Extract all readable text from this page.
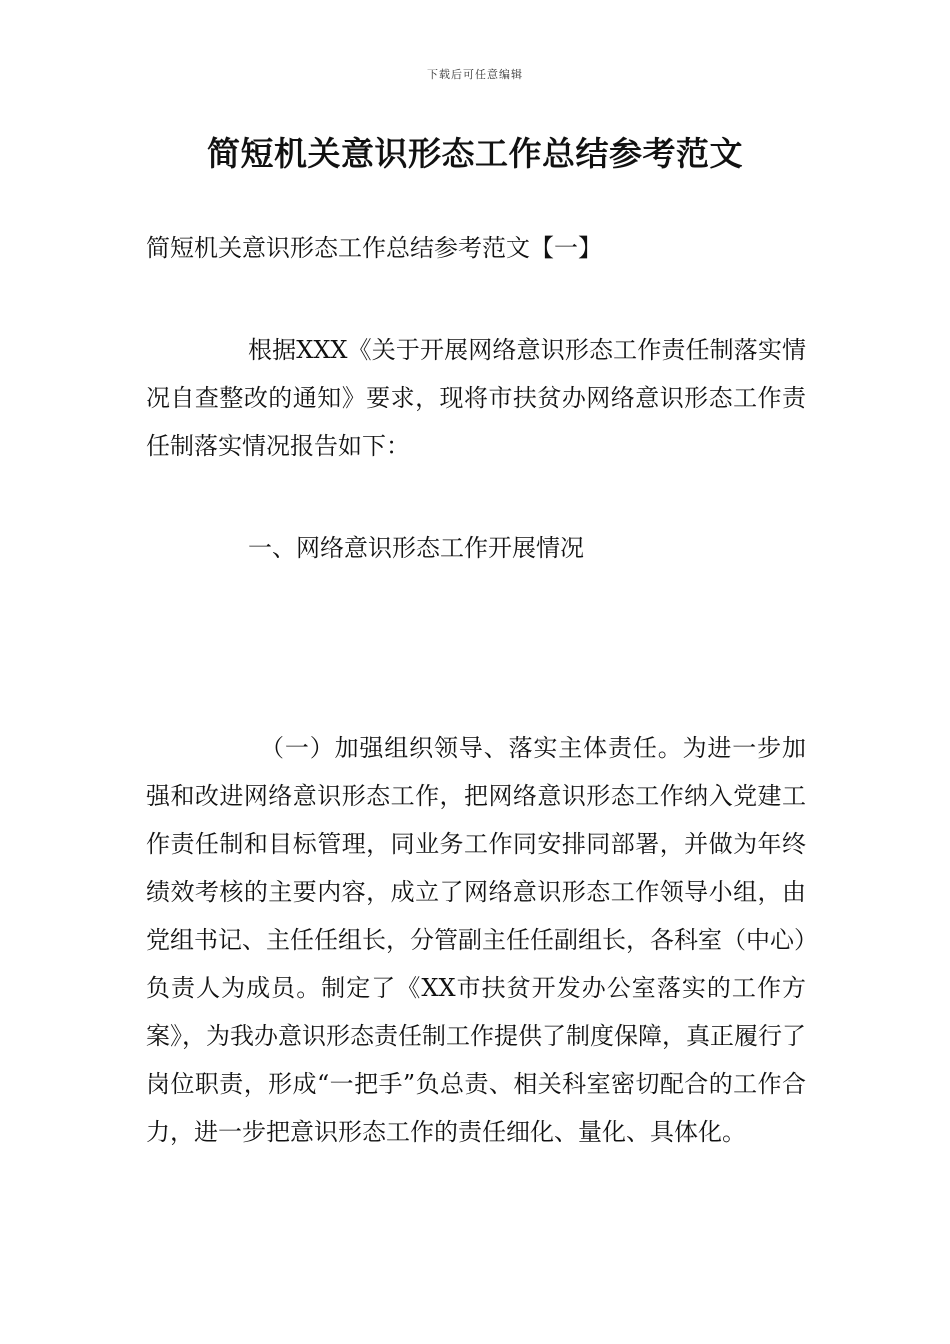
下载后可任意编辑
简短机关意识形态工作总结参考范文

简短机关意识形态工作总结参考范文【一】

根据XXX《关于开展网络意识形态工作责任制落实情况自查整改的通知》要求，现将市扶贫办网络意识形态工作责任制落实情况报告如下：

一、网络意识形态工作开展情况

（一）加强组织领导、落实主体责任。为进一步加强和改进网络意识形态工作，把网络意识形态工作纳入党建工作责任制和目标管理，同业务工作同安排同部署，并做为年终绩效考核的主要内容，成立了网络意识形态工作领导小组，由党组书记、主任任组长，分管副主任任副组长，各科室（中心）负责人为成员。制定了《XX市扶贫开发办公室落实的工作方案》，为我办意识形态责任制工作提供了制度保障，真正履行了岗位职责，形成“一把手”负总责、相关科室密切配合的工作合力，进一步把意识形态工作的责任细化、量化、具体化。
